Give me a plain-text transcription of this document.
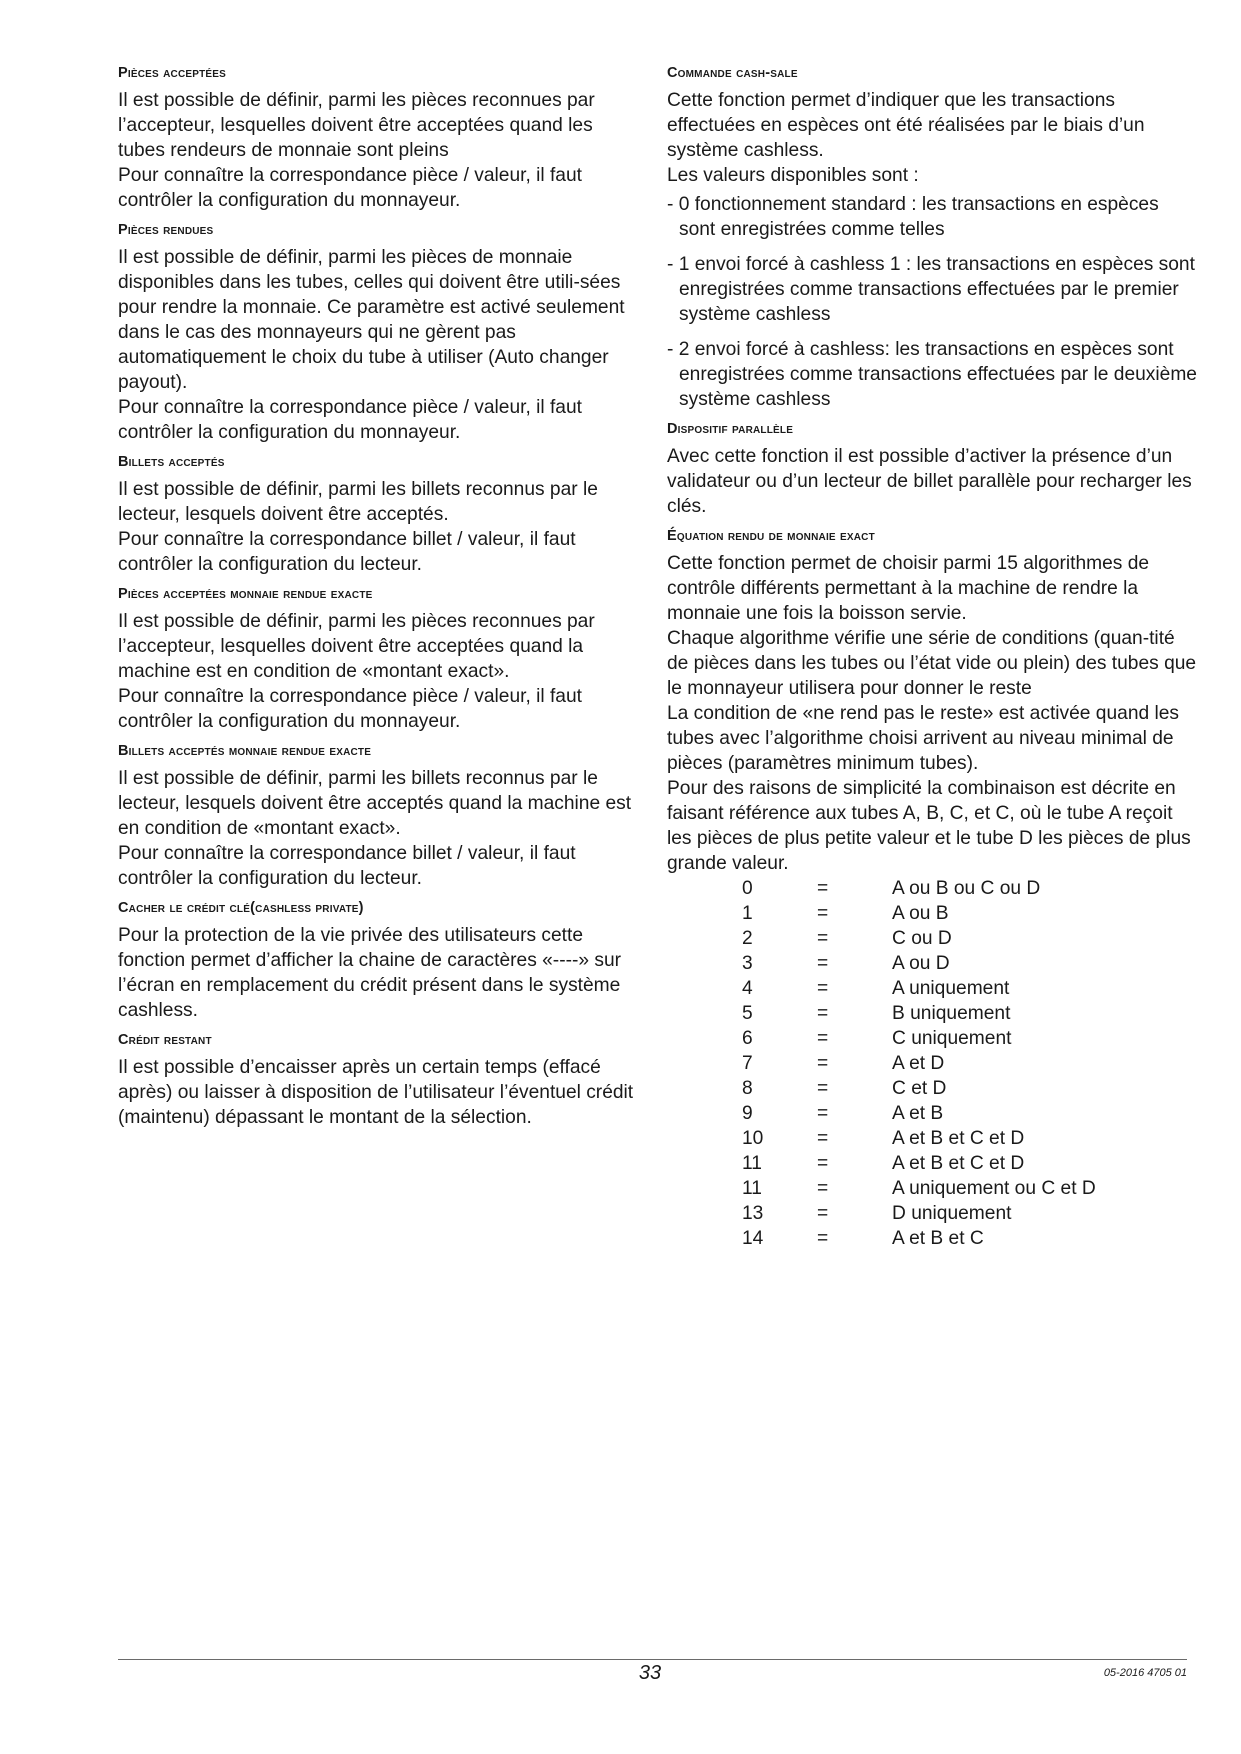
Pièces acceptées

Il est possible de définir, parmi les pièces reconnues par l’accepteur, lesquelles doivent être acceptées quand les tubes rendeurs de monnaie sont pleins

Pour connaître la correspondance pièce / valeur, il faut contrôler la configuration du monnayeur.

Pièces rendues

Il est possible de définir, parmi les pièces de monnaie disponibles dans les tubes, celles qui doivent être utili-sées pour rendre la monnaie. Ce paramètre est activé seulement dans le cas des monnayeurs qui ne gèrent pas automatiquement le choix du tube à utiliser (Auto changer payout).

Pour connaître la correspondance pièce / valeur, il faut contrôler la configuration du monnayeur.

Billets acceptés

Il est possible de définir, parmi les billets reconnus par le lecteur, lesquels doivent être acceptés.

Pour connaître la correspondance billet / valeur, il faut contrôler la configuration du lecteur.

Pièces acceptées monnaie rendue exacte

Il est possible de définir, parmi les pièces reconnues par l’accepteur, lesquelles doivent être acceptées quand la machine est en condition de «montant exact».

Pour connaître la correspondance pièce / valeur, il faut contrôler la configuration du monnayeur.

Billets acceptés monnaie rendue exacte

Il est possible de définir, parmi les billets reconnus par le lecteur, lesquels doivent être acceptés quand la machine est en condition de «montant exact».

Pour connaître la correspondance billet / valeur, il faut contrôler la configuration du lecteur.

Cacher le crédit clé(cashless private)

Pour la protection de la vie privée des utilisateurs cette fonction permet d’afficher la chaine de caractères «----» sur l’écran en remplacement du crédit présent dans le système cashless.

Crédit restant

Il est possible d’encaisser après un certain temps (effacé après) ou laisser à disposition de l’utilisateur l’éventuel crédit (maintenu) dépassant le montant de la sélection.

Commande cash-sale

Cette fonction permet d’indiquer que les transactions effectuées en espèces ont été réalisées par le biais d’un système cashless.

Les valeurs disponibles sont :

- 0 fonctionnement standard : les transactions en espèces sont enregistrées comme telles

- 1 envoi forcé à cashless 1 : les transactions en espèces sont enregistrées comme transactions effectuées par le premier système cashless

- 2 envoi forcé à cashless: les transactions en espèces sont enregistrées comme transactions effectuées par le deuxième système cashless

Dispositif parallèle

Avec cette fonction il est possible d’activer la présence d’un validateur ou d’un lecteur de billet parallèle pour recharger les clés.

Équation rendu de monnaie exact

Cette fonction permet de choisir parmi 15 algorithmes de contrôle différents permettant à la machine de rendre la monnaie une fois la boisson servie.

Chaque algorithme vérifie une série de conditions (quan-tité de pièces dans les tubes ou l’état vide ou plein) des tubes que le monnayeur utilisera pour donner le reste

La condition de «ne rend pas le reste» est activée quand les tubes avec l’algorithme choisi arrivent au niveau minimal de pièces (paramètres minimum tubes).

Pour des raisons de simplicité la combinaison est décrite en faisant référence aux tubes A, B, C, et C, où le tube A reçoit les pièces de plus petite valeur et le tube D les pièces de plus grande valeur.

0	=	A ou B ou C ou D
1	=	A ou B
2	=	C ou D
3	=	A ou D
4	=	A uniquement
5	=	B uniquement
6	=	C uniquement
7	=	A et D
8	=	C et D
9	=	A et B
10	=	A et B et C et D
11	=	A et B et C et D
11	=	A uniquement ou C et D
13	=	D uniquement
14	=	A et B et C
33	05-2016 4705 01
